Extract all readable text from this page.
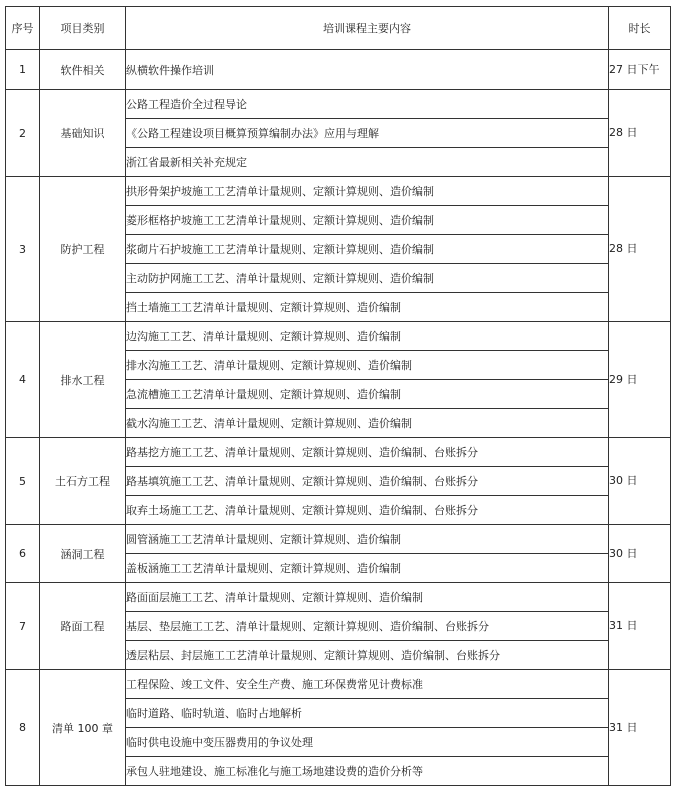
序号	项目类别	培训课程主要内容	时长
1	软件相关	纵横软件操作培训	27 日下午
2	基础知识	公路工程造价全过程导论	28 日
		《公路工程建设项目概算预算编制办法》应用与理解	
		浙江省最新相关补充规定	
3	防护工程	拱形骨架护坡施工工艺清单计量规则、定额计算规则、造价编制	28 日
		菱形框格护坡施工工艺清单计量规则、定额计算规则、造价编制	
		浆砌片石护坡施工工艺清单计量规则、定额计算规则、造价编制	
		主动防护网施工工艺、清单计量规则、定额计算规则、造价编制	
		挡土墙施工工艺清单计量规则、定额计算规则、造价编制	
4	排水工程	边沟施工工艺、清单计量规则、定额计算规则、造价编制	29 日
		排水沟施工工艺、清单计量规则、定额计算规则、造价编制	
		急流槽施工工艺清单计量规则、定额计算规则、造价编制	
		截水沟施工工艺、清单计量规则、定额计算规则、造价编制	
5	土石方工程	路基挖方施工工艺、清单计量规则、定额计算规则、造价编制、台账拆分	30 日
		路基填筑施工工艺、清单计量规则、定额计算规则、造价编制、台账拆分	
		取弃土场施工工艺、清单计量规则、定额计算规则、造价编制、台账拆分	
6	涵洞工程	圆管涵施工工艺清单计量规则、定额计算规则、造价编制	30 日
		盖板涵施工工艺清单计量规则、定额计算规则、造价编制	
7	路面工程	路面面层施工工艺、清单计量规则、定额计算规则、造价编制	31 日
		基层、垫层施工工艺、清单计量规则、定额计算规则、造价编制、台账拆分	
		透层粘层、封层施工工艺清单计量规则、定额计算规则、造价编制、台账拆分	
8	清单 100 章	工程保险、竣工文件、安全生产费、施工环保费常见计费标准	31 日
		临时道路、临时轨道、临时占地解析	
		临时供电设施中变压器费用的争议处理	
		承包人驻地建设、施工标准化与施工场地建设费的造价分析等	
